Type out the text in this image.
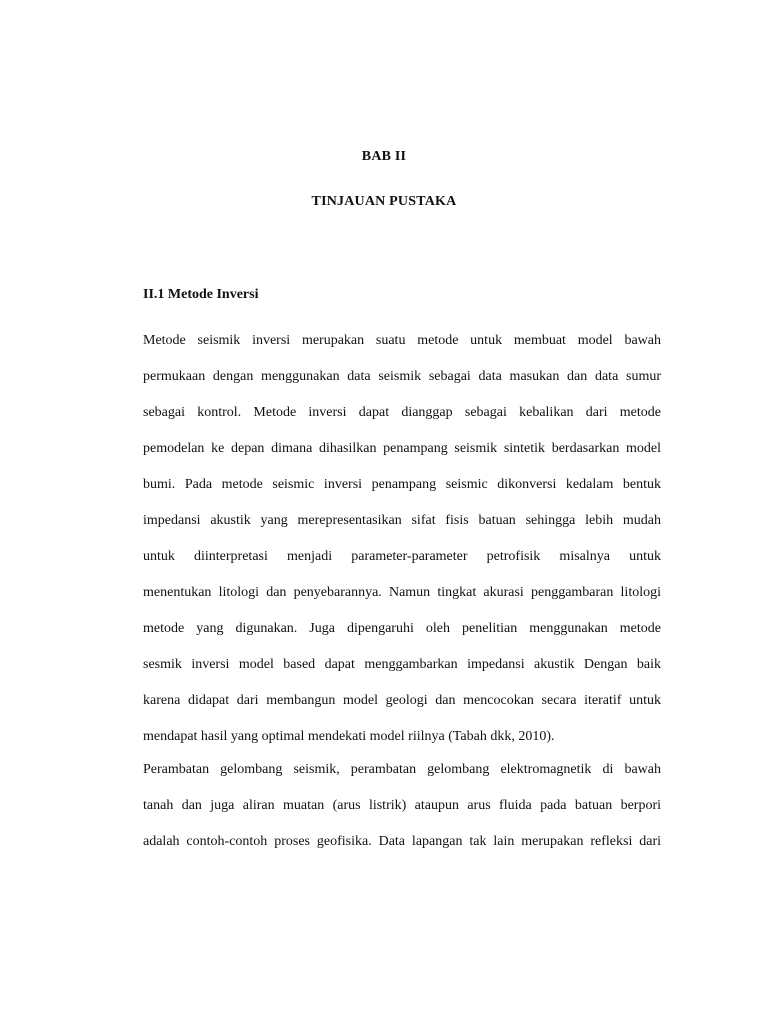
BAB II
TINJAUAN PUSTAKA
II.1 Metode Inversi
Metode seismik inversi merupakan suatu metode untuk membuat model bawah
permukaan dengan menggunakan data seismik sebagai data masukan dan data sumur
sebagai kontrol. Metode inversi dapat dianggap sebagai kebalikan dari metode
pemodelan ke depan dimana dihasilkan penampang seismik sintetik berdasarkan model
bumi. Pada metode seismic inversi penampang seismic dikonversi kedalam bentuk
impedansi akustik yang merepresentasikan sifat fisis batuan sehingga lebih mudah
untuk diinterpretasi menjadi parameter-parameter petrofisik misalnya untuk
menentukan litologi dan penyebarannya. Namun tingkat akurasi penggambaran litologi
metode yang digunakan. Juga dipengaruhi oleh penelitian menggunakan metode
sesmik inversi model based dapat menggambarkan impedansi akustik Dengan baik
karena didapat dari membangun model geologi dan mencocokan secara iteratif untuk
mendapat hasil yang optimal mendekati model riilnya (Tabah dkk, 2010).
Perambatan gelombang seismik, perambatan gelombang elektromagnetik di bawah
tanah dan juga aliran muatan (arus listrik) ataupun arus fluida pada batuan berpori
adalah contoh-contoh proses geofisika. Data lapangan tak lain merupakan refleksi dari
